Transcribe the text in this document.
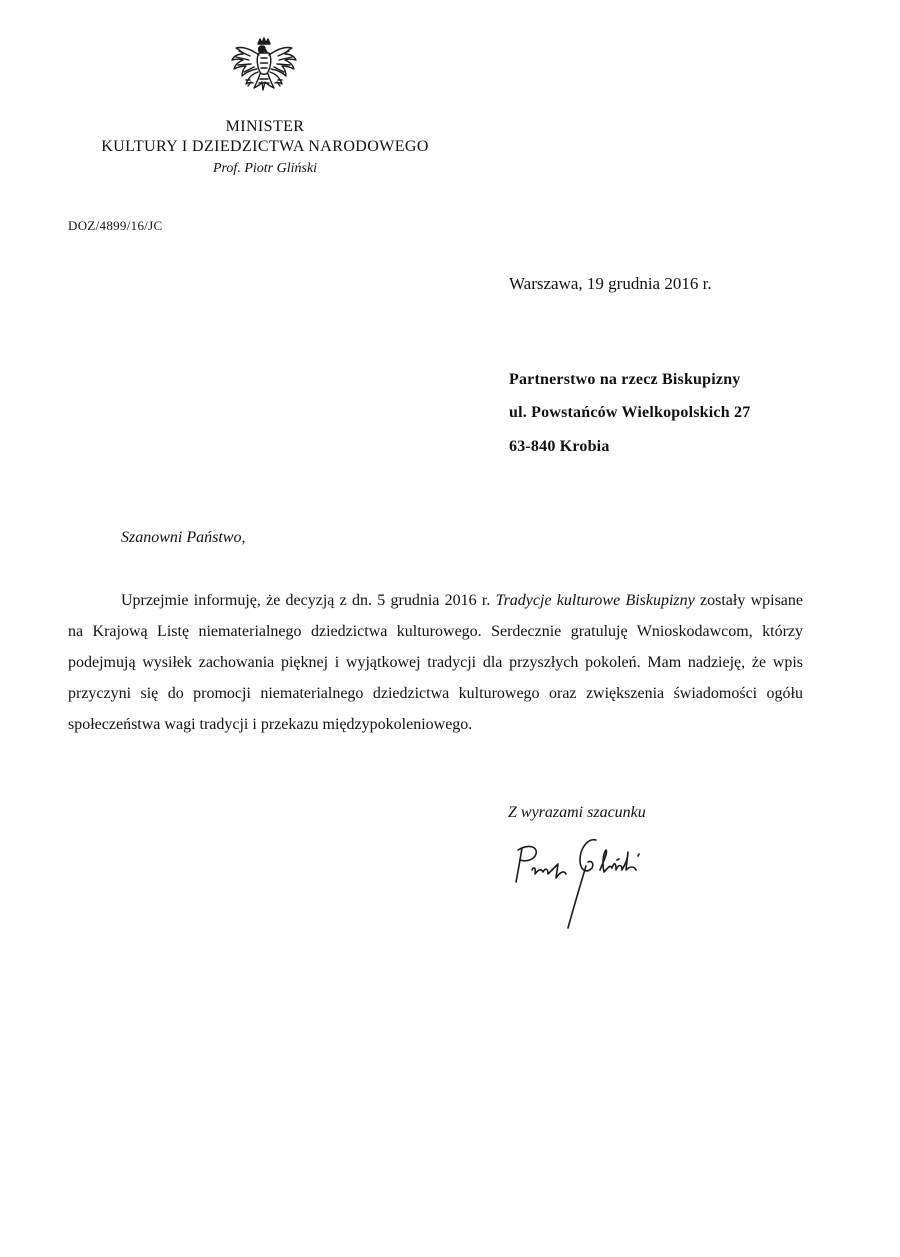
MINISTER
KULTURY I DZIEDZICTWA NARODOWEGO
Prof. Piotr Gliński
DOZ/4899/16/JC
Warszawa, 19 grudnia 2016 r.
Partnerstwo na rzecz Biskupizny
ul. Powstańców Wielkopolskich 27
63-840 Krobia
Szanowni Państwo,

Uprzejmie informuję, że decyzją z dn. 5 grudnia 2016 r. Tradycje kulturowe Biskupizny zostały wpisane na Krajową Listę niematerialnego dziedzictwa kulturowego. Serdecznie gratuluję Wnioskodawcom, którzy podejmują wysiłek zachowania pięknej i wyjątkowej tradycji dla przyszłych pokoleń. Mam nadzieję, że wpis przyczyni się do promocji niematerialnego dziedzictwa kulturowego oraz zwiększenia świadomości ogółu społeczeństwa wagi tradycji i przekazu międzypokoleniowego.

Z wyrazami szacunku
